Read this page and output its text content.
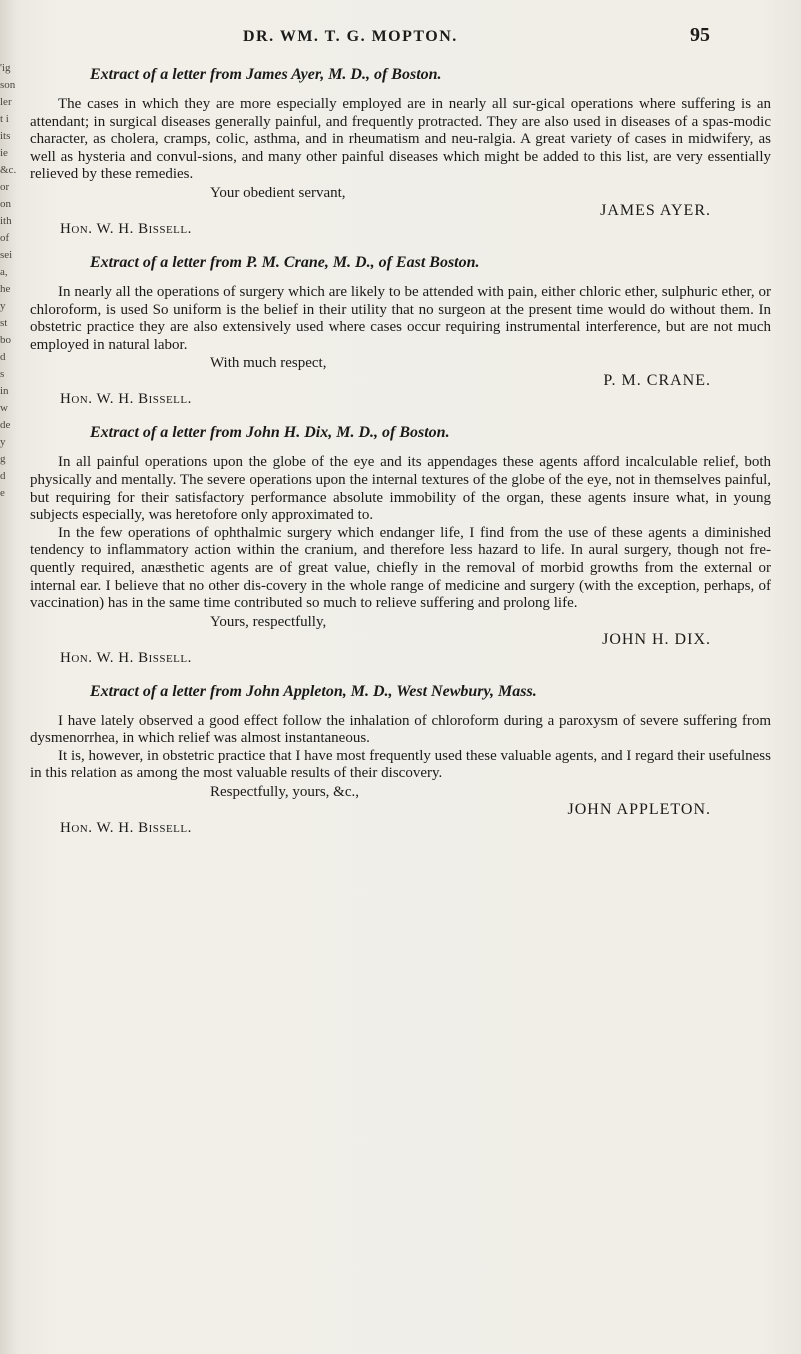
DR. WM. T. G. MOPTON.	95
'ig
son
ler
t i
its
ie
&c.
or
on
ith
of
sei
a,
he
y
st
bo
d
s
in
w
de
y
g
d
e
Extract of a letter from James Ayer, M. D., of Boston.

The cases in which they are more especially employed are in nearly all sur-gical operations where suffering is an attendant; in surgical diseases generally painful, and frequently protracted. They are also used in diseases of a spas-modic character, as cholera, cramps, colic, asthma, and in rheumatism and neu-ralgia. A great variety of cases in midwifery, as well as hysteria and convul-sions, and many other painful diseases which might be added to this list, are very essentially relieved by these remedies.

Your obedient servant,
JAMES AYER.
Hon. W. H. Bissell.
Extract of a letter from P. M. Crane, M. D., of East Boston.

In nearly all the operations of surgery which are likely to be attended with pain, either chloric ether, sulphuric ether, or chloroform, is used So uniform is the belief in their utility that no surgeon at the present time would do without them. In obstetric practice they are also extensively used where cases occur requiring instrumental interference, but are not much employed in natural labor.

With much respect,
P. M. CRANE.
Hon. W. H. Bissell.
Extract of a letter from John H. Dix, M. D., of Boston.

In all painful operations upon the globe of the eye and its appendages these agents afford incalculable relief, both physically and mentally. The severe operations upon the internal textures of the globe of the eye, not in themselves painful, but requiring for their satisfactory performance absolute immobility of the organ, these agents insure what, in young subjects especially, was heretofore only approximated to.

In the few operations of ophthalmic surgery which endanger life, I find from the use of these agents a diminished tendency to inflammatory action within the cranium, and therefore less hazard to life. In aural surgery, though not fre-quently required, anæsthetic agents are of great value, chiefly in the removal of morbid growths from the external or internal ear. I believe that no other dis-covery in the whole range of medicine and surgery (with the exception, perhaps, of vaccination) has in the same time contributed so much to relieve suffering and prolong life.

Yours, respectfully,
JOHN H. DIX.
Hon. W. H. Bissell.
Extract of a letter from John Appleton, M. D., West Newbury, Mass.

I have lately observed a good effect follow the inhalation of chloroform during a paroxysm of severe suffering from dysmenorrhea, in which relief was almost instantaneous.

It is, however, in obstetric practice that I have most frequently used these valuable agents, and I regard their usefulness in this relation as among the most valuable results of their discovery.

Respectfully, yours, &c.,
JOHN APPLETON.
Hon. W. H. Bissell.
